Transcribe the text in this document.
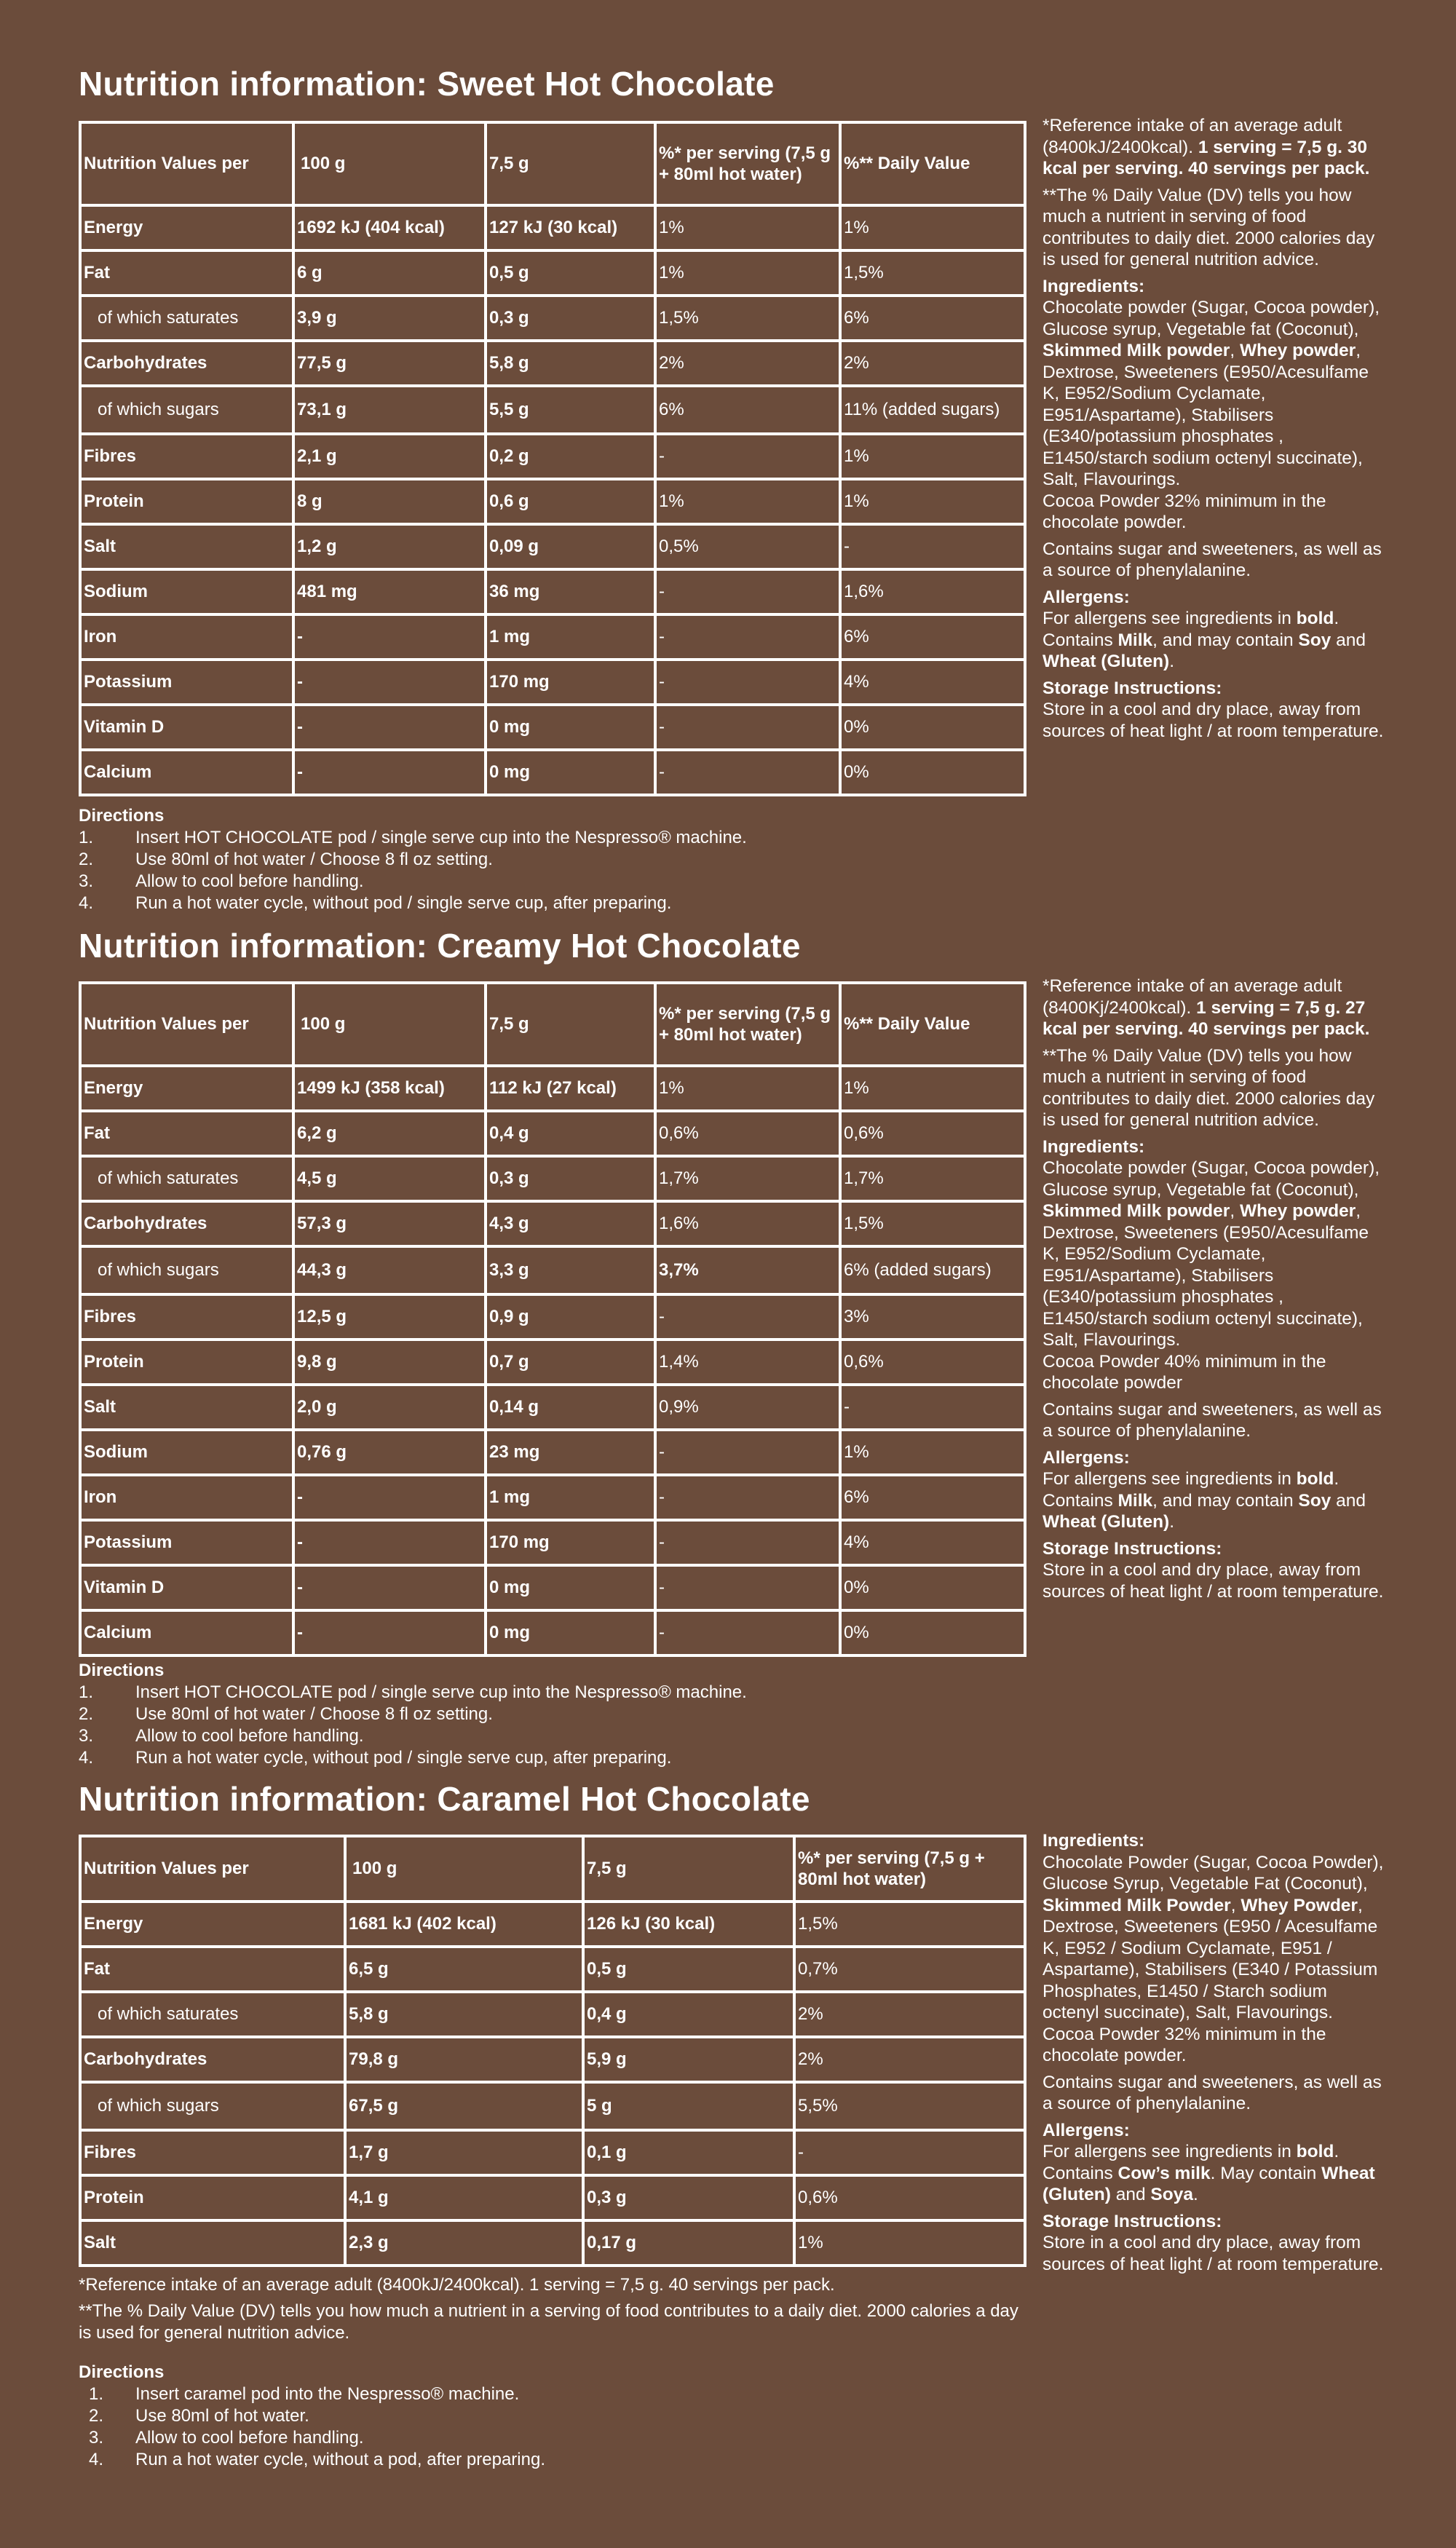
Nutrition information: Sweet Hot Chocolate
Nutrition Values per	100 g	7,5 g	%* per serving (7,5 g + 80ml hot water)	%** Daily Value
Energy	1692 kJ (404 kcal)	127 kJ (30 kcal)	1%	1%
Fat	6 g	0,5 g	1%	1,5%
of which saturates	3,9 g	0,3 g	1,5%	6%
Carbohydrates	77,5 g	5,8 g	2%	2%
of which sugars	73,1 g	5,5 g	6%	11% (added sugars)
Fibres	2,1 g	0,2 g	-	1%
Protein	8 g	0,6 g	1%	1%
Salt	1,2 g	0,09 g	0,5%	-
Sodium	481 mg	36 mg	-	1,6%
Iron	-	1 mg	-	6%
Potassium	-	170 mg	-	4%
Vitamin D	-	0 mg	-	0%
Calcium	-	0 mg	-	0%
Directions
1.	Insert HOT CHOCOLATE pod / single serve cup into the Nespresso® machine.
2.	Use 80ml of hot water / Choose 8 fl oz setting.
3.	Allow to cool before handling.
4.	Run a hot water cycle, without pod / single serve cup, after preparing.

*Reference intake of an average adult (8400kJ/2400kcal). 1 serving = 7,5 g. 30 kcal per serving. 40 servings per pack.

**The % Daily Value (DV) tells you how much a nutrient in serving of food contributes to daily diet. 2000 calories day is used for general nutrition advice.

Ingredients:

Chocolate powder (Sugar, Cocoa powder), Glucose syrup, Vegetable fat (Coconut), Skimmed Milk powder, Whey powder, Dextrose, Sweeteners (E950/Acesulfame K, E952/Sodium Cyclamate, E951/Aspartame), Stabilisers (E340/potassium phosphates , E1450/starch sodium octenyl succinate), Salt, Flavourings.
Cocoa Powder 32% minimum in the chocolate powder.

Contains sugar and sweeteners, as well as a source of phenylalanine.

Allergens:

For allergens see ingredients in bold. Contains Milk, and may contain Soy and Wheat (Gluten).

Storage Instructions:

Store in a cool and dry place, away from sources of heat light / at room temperature.

Nutrition information: Creamy Hot Chocolate
Nutrition Values per	100 g	7,5 g	%* per serving (7,5 g + 80ml hot water)	%** Daily Value
Energy	1499 kJ (358 kcal)	112 kJ (27 kcal)	1%	1%
Fat	6,2 g	0,4 g	0,6%	0,6%
of which saturates	4,5 g	0,3 g	1,7%	1,7%
Carbohydrates	57,3 g	4,3 g	1,6%	1,5%
of which sugars	44,3 g	3,3 g	3,7%	6% (added sugars)
Fibres	12,5 g	0,9 g	-	3%
Protein	9,8 g	0,7 g	1,4%	0,6%
Salt	2,0 g	0,14 g	0,9%	-
Sodium	0,76 g	23 mg	-	1%
Iron	-	1 mg	-	6%
Potassium	-	170 mg	-	4%
Vitamin D	-	0 mg	-	0%
Calcium	-	0 mg	-	0%
Directions
1.	Insert HOT CHOCOLATE pod / single serve cup into the Nespresso® machine.
2.	Use 80ml of hot water / Choose 8 fl oz setting.
3.	Allow to cool before handling.
4.	Run a hot water cycle, without pod / single serve cup, after preparing.

*Reference intake of an average adult (8400Kj/2400kcal). 1 serving = 7,5 g. 27 kcal per serving. 40 servings per pack.

**The % Daily Value (DV) tells you how much a nutrient in serving of food contributes to daily diet. 2000 calories day is used for general nutrition advice.

Ingredients:

Chocolate powder (Sugar, Cocoa powder), Glucose syrup, Vegetable fat (Coconut), Skimmed Milk powder, Whey powder, Dextrose, Sweeteners (E950/Acesulfame K, E952/Sodium Cyclamate, E951/Aspartame), Stabilisers (E340/potassium phosphates , E1450/starch sodium octenyl succinate), Salt, Flavourings.
Cocoa Powder 40% minimum in the chocolate powder

Contains sugar and sweeteners, as well as a source of phenylalanine.

Allergens:

For allergens see ingredients in bold. Contains Milk, and may contain Soy and Wheat (Gluten).

Storage Instructions:

Store in a cool and dry place, away from sources of heat light / at room temperature.

Nutrition information: Caramel Hot Chocolate
Nutrition Values per	100 g	7,5 g	%* per serving (7,5 g + 80ml hot water)
Energy	1681 kJ (402 kcal)	126 kJ (30 kcal)	1,5%
Fat	6,5 g	0,5 g	0,7%
of which saturates	5,8 g	0,4 g	2%
Carbohydrates	79,8 g	5,9 g	2%
of which sugars	67,5 g	5 g	5,5%
Fibres	1,7 g	0,1 g	-
Protein	4,1 g	0,3 g	0,6%
Salt	2,3 g	0,17 g	1%

*Reference intake of an average adult (8400kJ/2400kcal). 1 serving = 7,5 g. 40 servings per pack.

**The % Daily Value (DV) tells you how much a nutrient in a serving of food contributes to a daily diet. 2000 calories a day is used for general nutrition advice.

Directions
1.	Insert caramel pod into the Nespresso® machine.
2.	Use 80ml of hot water.
3.	Allow to cool before handling.
4.	Run a hot water cycle, without a pod, after preparing.
Ingredients:

Chocolate Powder (Sugar, Cocoa Powder), Glucose Syrup, Vegetable Fat (Coconut), Skimmed Milk Powder, Whey Powder, Dextrose, Sweeteners (E950 / Acesulfame K, E952 / Sodium Cyclamate, E951 / Aspartame), Stabilisers (E340 / Potassium Phosphates, E1450 / Starch sodium octenyl succinate), Salt, Flavourings.
Cocoa Powder 32% minimum in the chocolate powder.

Contains sugar and sweeteners, as well as a source of phenylalanine.

Allergens:

For allergens see ingredients in bold. Contains Cow’s milk. May contain Wheat (Gluten) and Soya.

Storage Instructions:

Store in a cool and dry place, away from sources of heat light / at room temperature.
